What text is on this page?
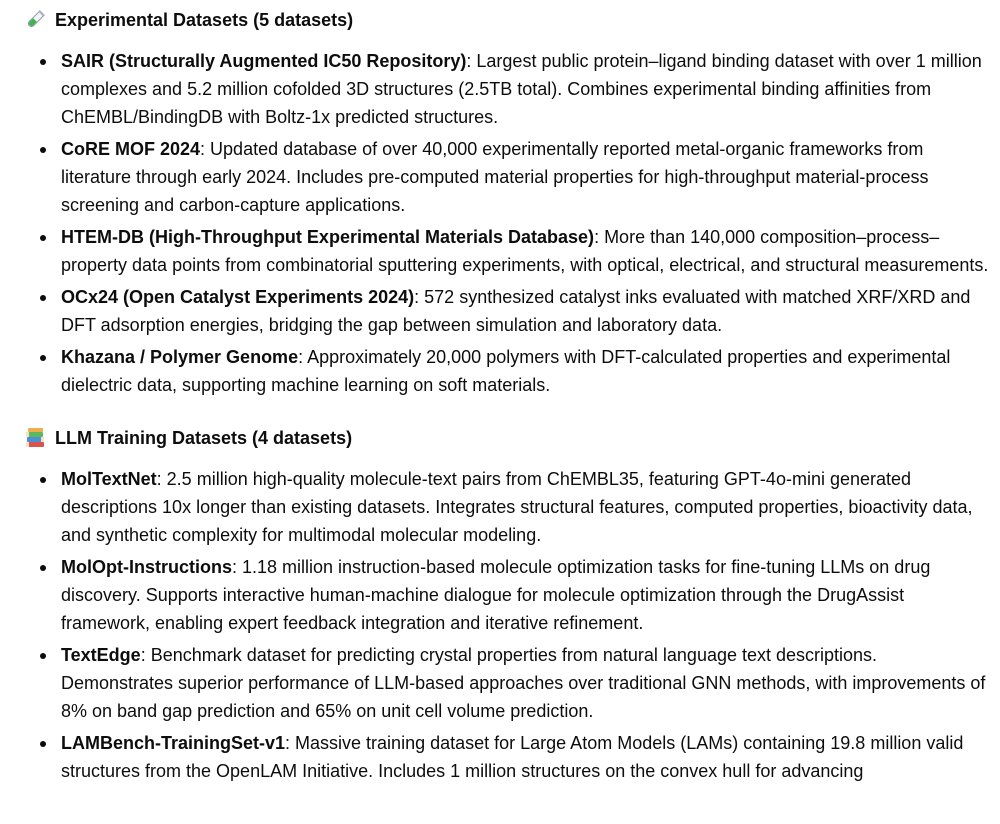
Experimental Datasets (5 datasets)
SAIR (Structurally Augmented IC50 Repository): Largest public protein–ligand binding dataset with over 1 million complexes and 5.2 million cofolded 3D structures (2.5TB total). Combines experimental binding affinities from ChEMBL/BindingDB with Boltz-1x predicted structures.
CoRE MOF 2024: Updated database of over 40,000 experimentally reported metal-organic frameworks from literature through early 2024. Includes pre-computed material properties for high-throughput material-process screening and carbon-capture applications.
HTEM-DB (High-Throughput Experimental Materials Database): More than 140,000 composition–process–property data points from combinatorial sputtering experiments, with optical, electrical, and structural measurements.
OCx24 (Open Catalyst Experiments 2024): 572 synthesized catalyst inks evaluated with matched XRF/XRD and DFT adsorption energies, bridging the gap between simulation and laboratory data.
Khazana / Polymer Genome: Approximately 20,000 polymers with DFT-calculated properties and experimental dielectric data, supporting machine learning on soft materials.
LLM Training Datasets (4 datasets)
MolTextNet: 2.5 million high-quality molecule-text pairs from ChEMBL35, featuring GPT-4o-mini generated descriptions 10x longer than existing datasets. Integrates structural features, computed properties, bioactivity data, and synthetic complexity for multimodal molecular modeling.
MolOpt-Instructions: 1.18 million instruction-based molecule optimization tasks for fine-tuning LLMs on drug discovery. Supports interactive human-machine dialogue for molecule optimization through the DrugAssist framework, enabling expert feedback integration and iterative refinement.
TextEdge: Benchmark dataset for predicting crystal properties from natural language text descriptions. Demonstrates superior performance of LLM-based approaches over traditional GNN methods, with improvements of 8% on band gap prediction and 65% on unit cell volume prediction.
LAMBench-TrainingSet-v1: Massive training dataset for Large Atom Models (LAMs) containing 19.8 million valid structures from the OpenLAM Initiative. Includes 1 million structures on the convex hull for advancing
